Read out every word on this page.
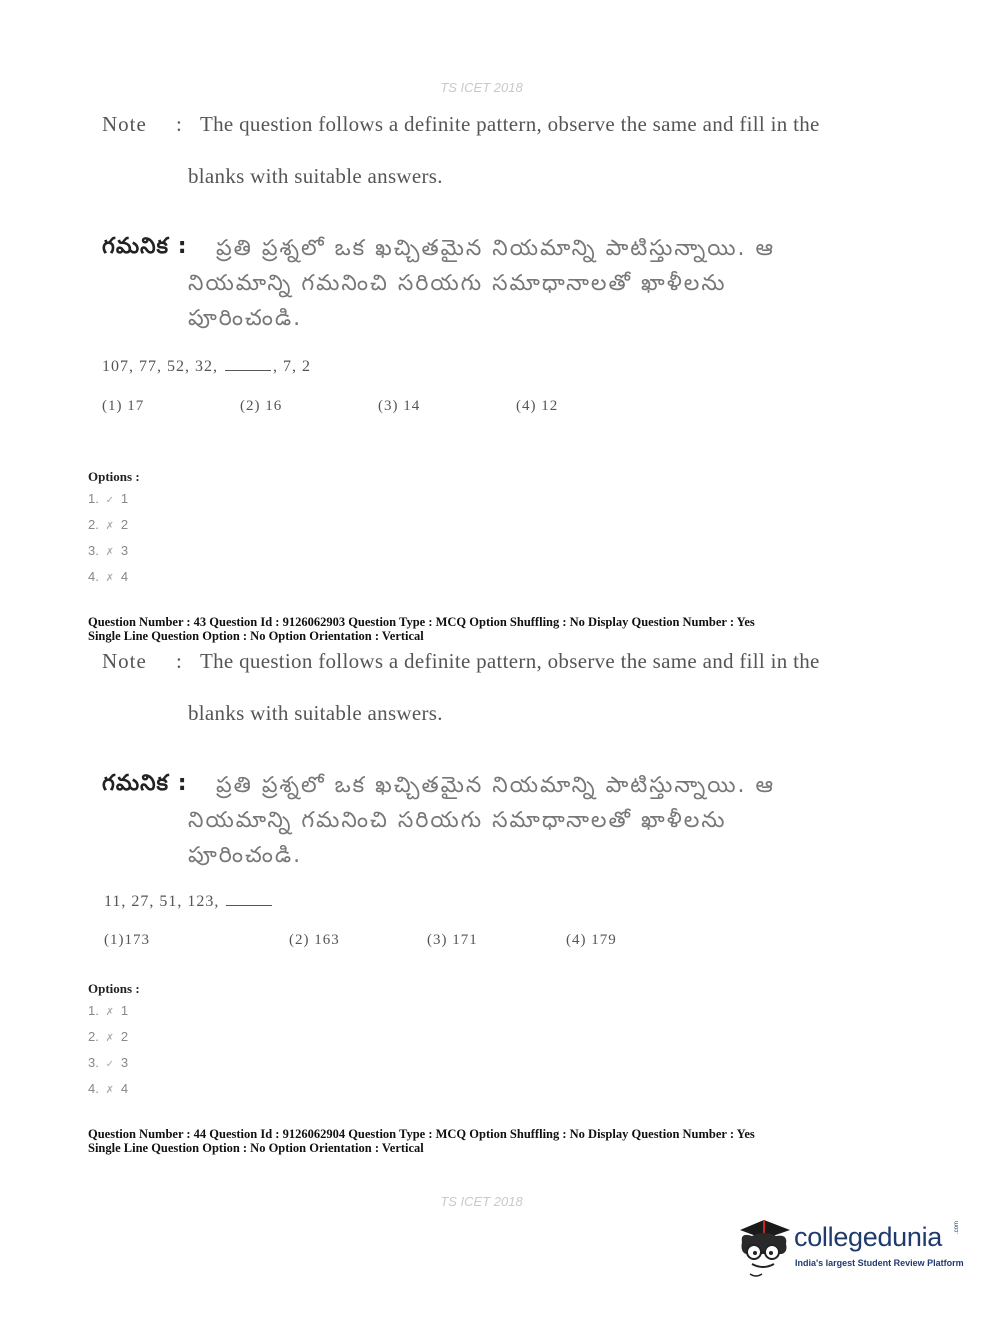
TS ICET 2018
Note : The question follows a definite pattern, observe the same and fill in the
blanks with suitable answers.
గమనిక : ప్రతి ప్రశ్నలో ఒక ఖచ్చితమైన నియమాన్ని పాటిస్తున్నాయి. ఆ
నియమాన్ని గమనించి సరియగు సమాధానాలతో ఖాళీలను
పూరించండి.
107, 77, 52, 32,	, 7, 2
(1) 17	(2) 16	(3) 14	(4) 12
Options :
1. ✓ 1
2. ✗ 2
3. ✗ 3
4. ✗ 4
Question Number : 43 Question Id : 9126062903 Question Type : MCQ Option Shuffling : No Display Question Number : Yes
Single Line Question Option : No Option Orientation : Vertical
Note : The question follows a definite pattern, observe the same and fill in the
blanks with suitable answers.
గమనిక : ప్రతి ప్రశ్నలో ఒక ఖచ్చితమైన నియమాన్ని పాటిస్తున్నాయి. ఆ
నియమాన్ని గమనించి సరియగు సమాధానాలతో ఖాళీలను
పూరించండి.
11, 27, 51, 123,
(1)173	(2) 163	(3) 171	(4) 179
Options :
1. ✗ 1
2. ✗ 2
3. ✓ 3
4. ✗ 4
Question Number : 44 Question Id : 9126062904 Question Type : MCQ Option Shuffling : No Display Question Number : Yes
Single Line Question Option : No Option Orientation : Vertical
TS ICET 2018
collegedunia .com
India's largest Student Review Platform
